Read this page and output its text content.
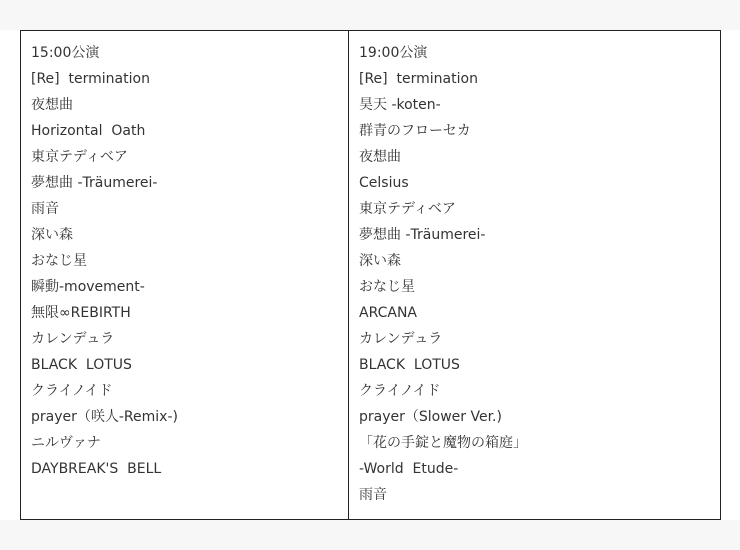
15:00公演
[Re]  termination
夜想曲
Horizontal  Oath
東京テディベア
夢想曲 -Träumerei-
雨音
深い森
おなじ星
瞬動-movement-
無限∞REBIRTH
カレンデュラ
BLACK  LOTUS
クライノイド
prayer（咲人-Remix-)
ニルヴァナ
DAYBREAK'S  BELL

19:00公演
[Re]  termination
昊天 -koten-
群青のフローセカ
夜想曲
Celsius
東京テディベア
夢想曲 -Träumerei-
深い森
おなじ星
ARCANA
カレンデュラ
BLACK  LOTUS
クライノイド
prayer（Slower Ver.)
「花の手錠と魔物の箱庭」
-World  Etude-
雨音
